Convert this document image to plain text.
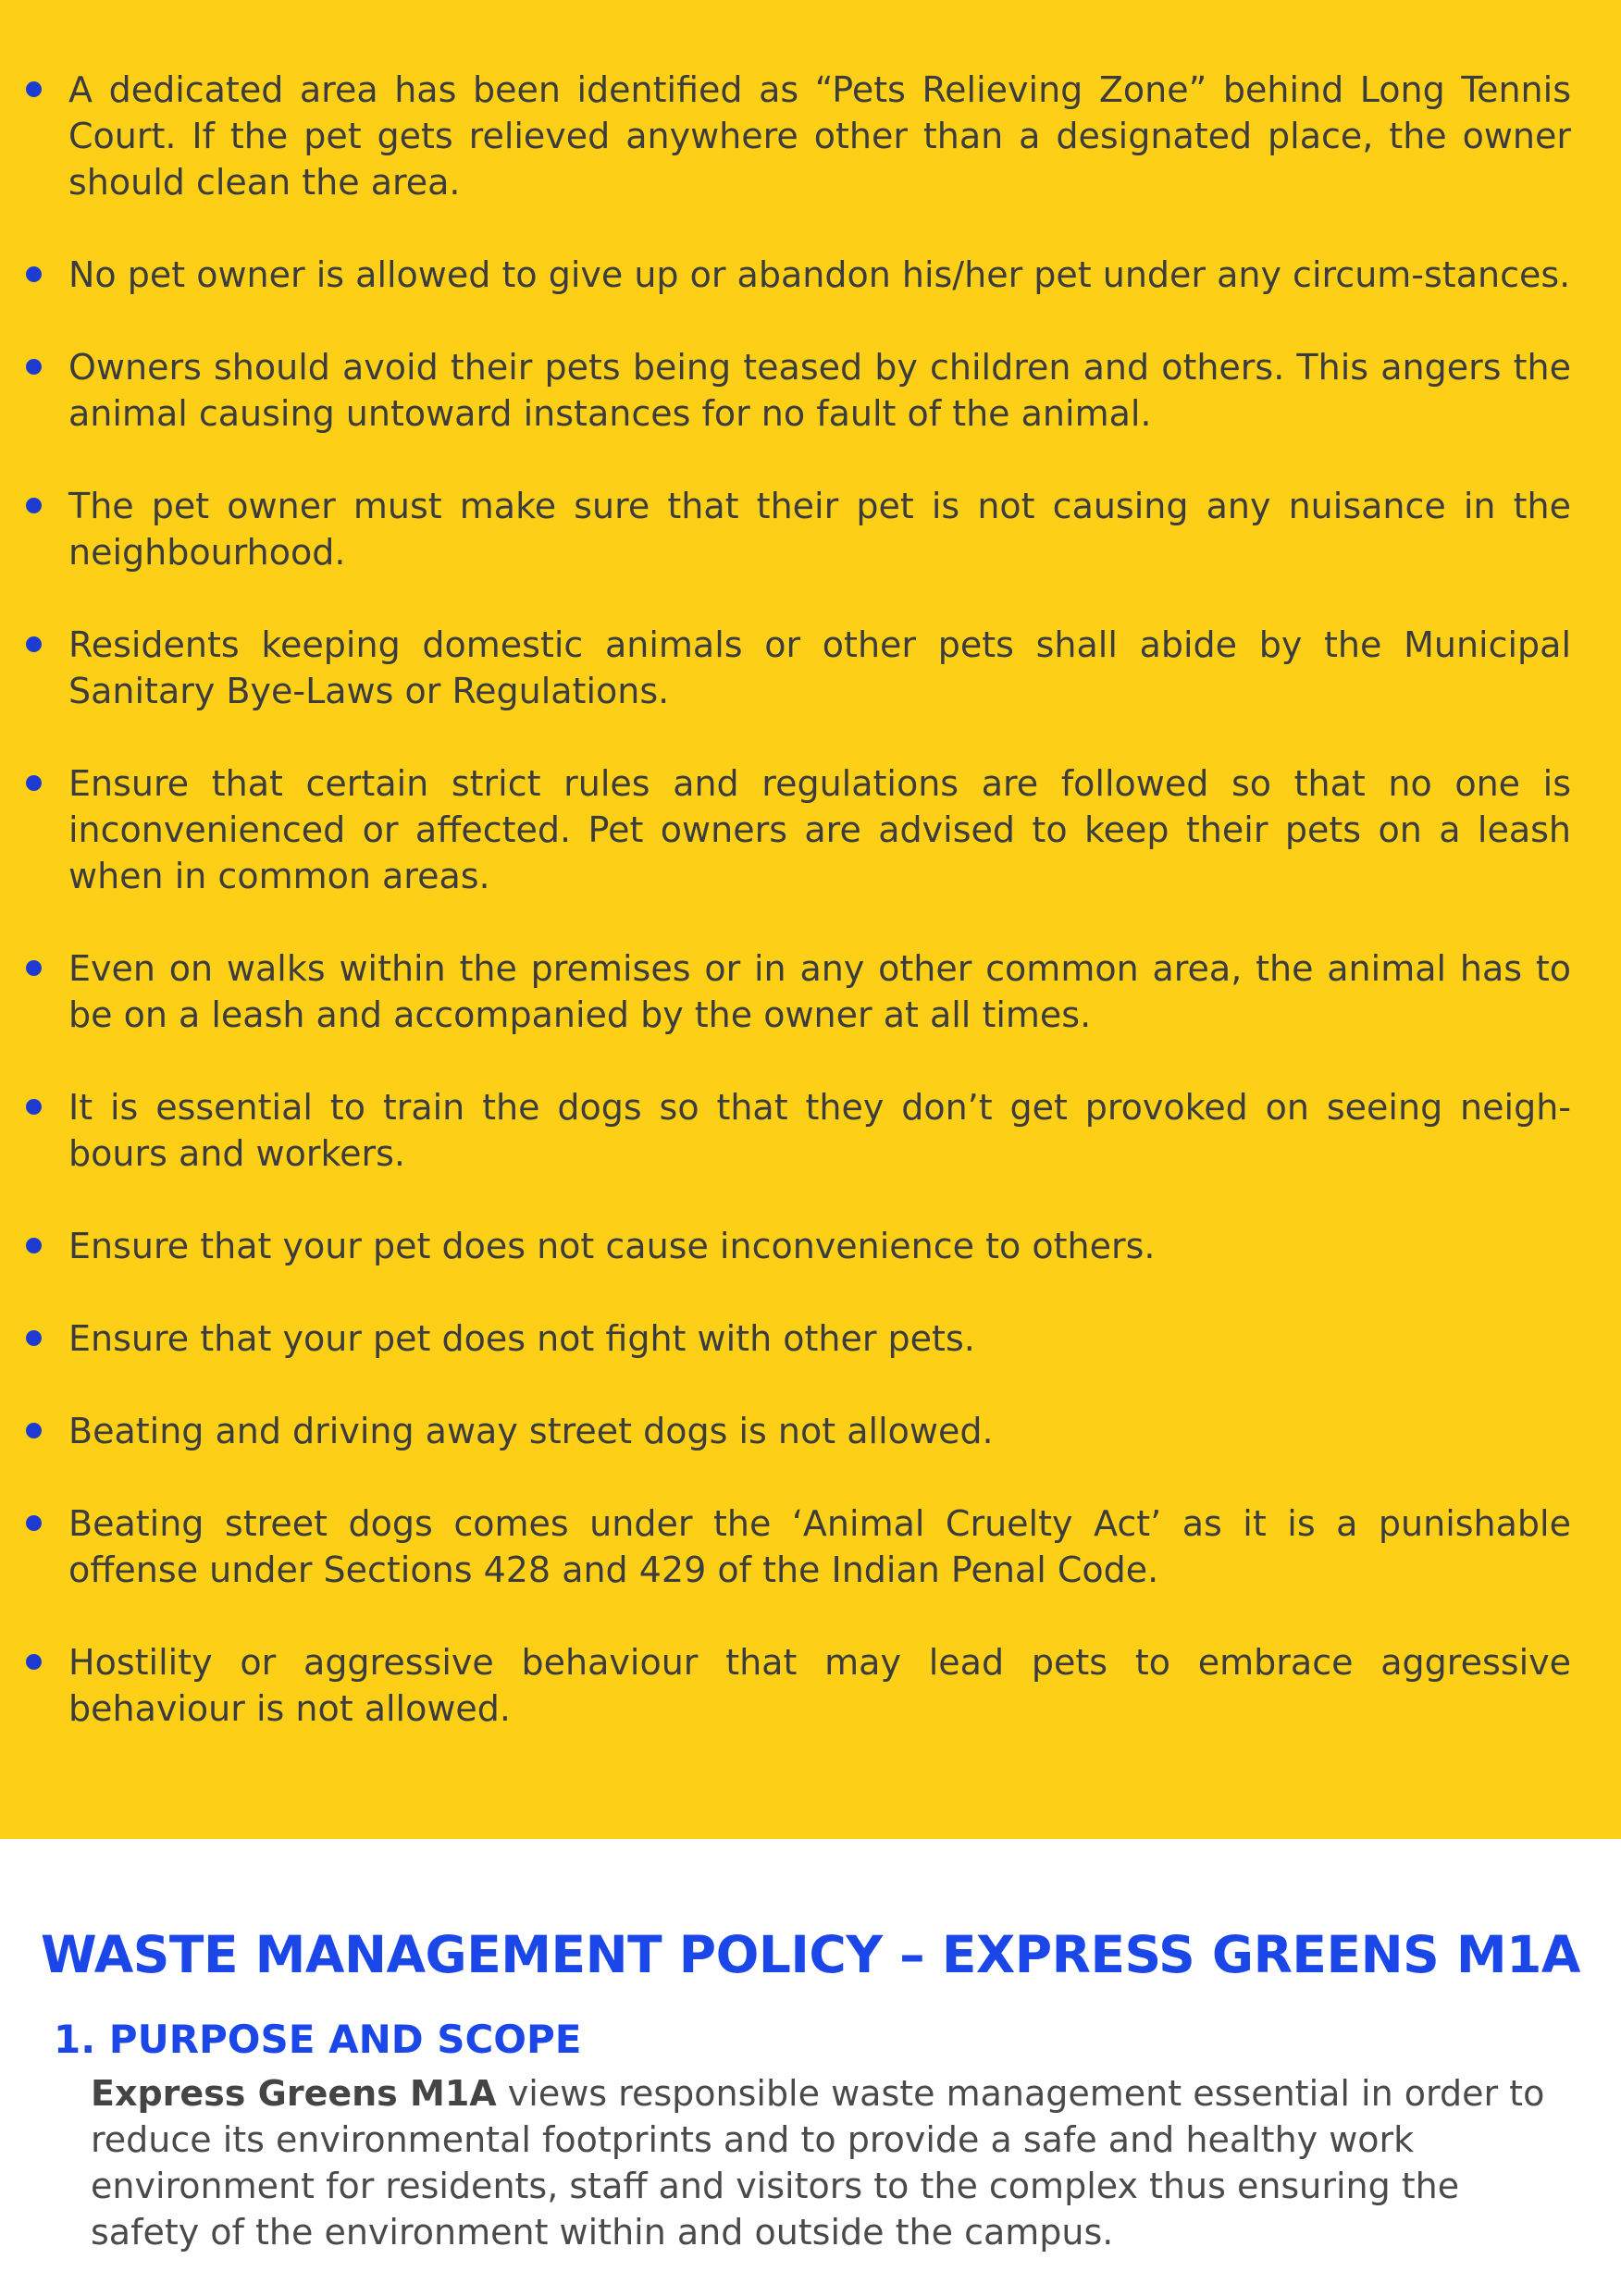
A dedicated area has been identified as “Pets Relieving Zone” behind Long Tennis Court. If the pet gets relieved anywhere other than a designated place, the owner should clean the area.
No pet owner is allowed to give up or abandon his/her pet under any circum-stances.
Owners should avoid their pets being teased by children and others. This angers the animal causing untoward instances for no fault of the animal.
The pet owner must make sure that their pet is not causing any nuisance in the neighbourhood.
Residents keeping domestic animals or other pets shall abide by the Municipal Sanitary Bye-Laws or Regulations.
Ensure that certain strict rules and regulations are followed so that no one is inconvenienced or affected. Pet owners are advised to keep their pets on a leash when in common areas.
Even on walks within the premises or in any other common area, the animal has to be on a leash and accompanied by the owner at all times.
It is essential to train the dogs so that they don’t get provoked on seeing neigh-bours and workers.
Ensure that your pet does not cause inconvenience to others.
Ensure that your pet does not fight with other pets.
Beating and driving away street dogs is not allowed.
Beating street dogs comes under the ‘Animal Cruelty Act’ as it is a punishable offense under Sections 428 and 429 of the Indian Penal Code.
Hostility or aggressive behaviour that may lead pets to embrace aggressive behaviour is not allowed.
WASTE MANAGEMENT POLICY – EXPRESS GREENS M1A
1. PURPOSE AND SCOPE

Express Greens M1A views responsible waste management essential in order to reduce its environmental footprints and to provide a safe and healthy work environment for residents, staff and visitors to the complex thus ensuring the safety of the environment within and outside the campus.
